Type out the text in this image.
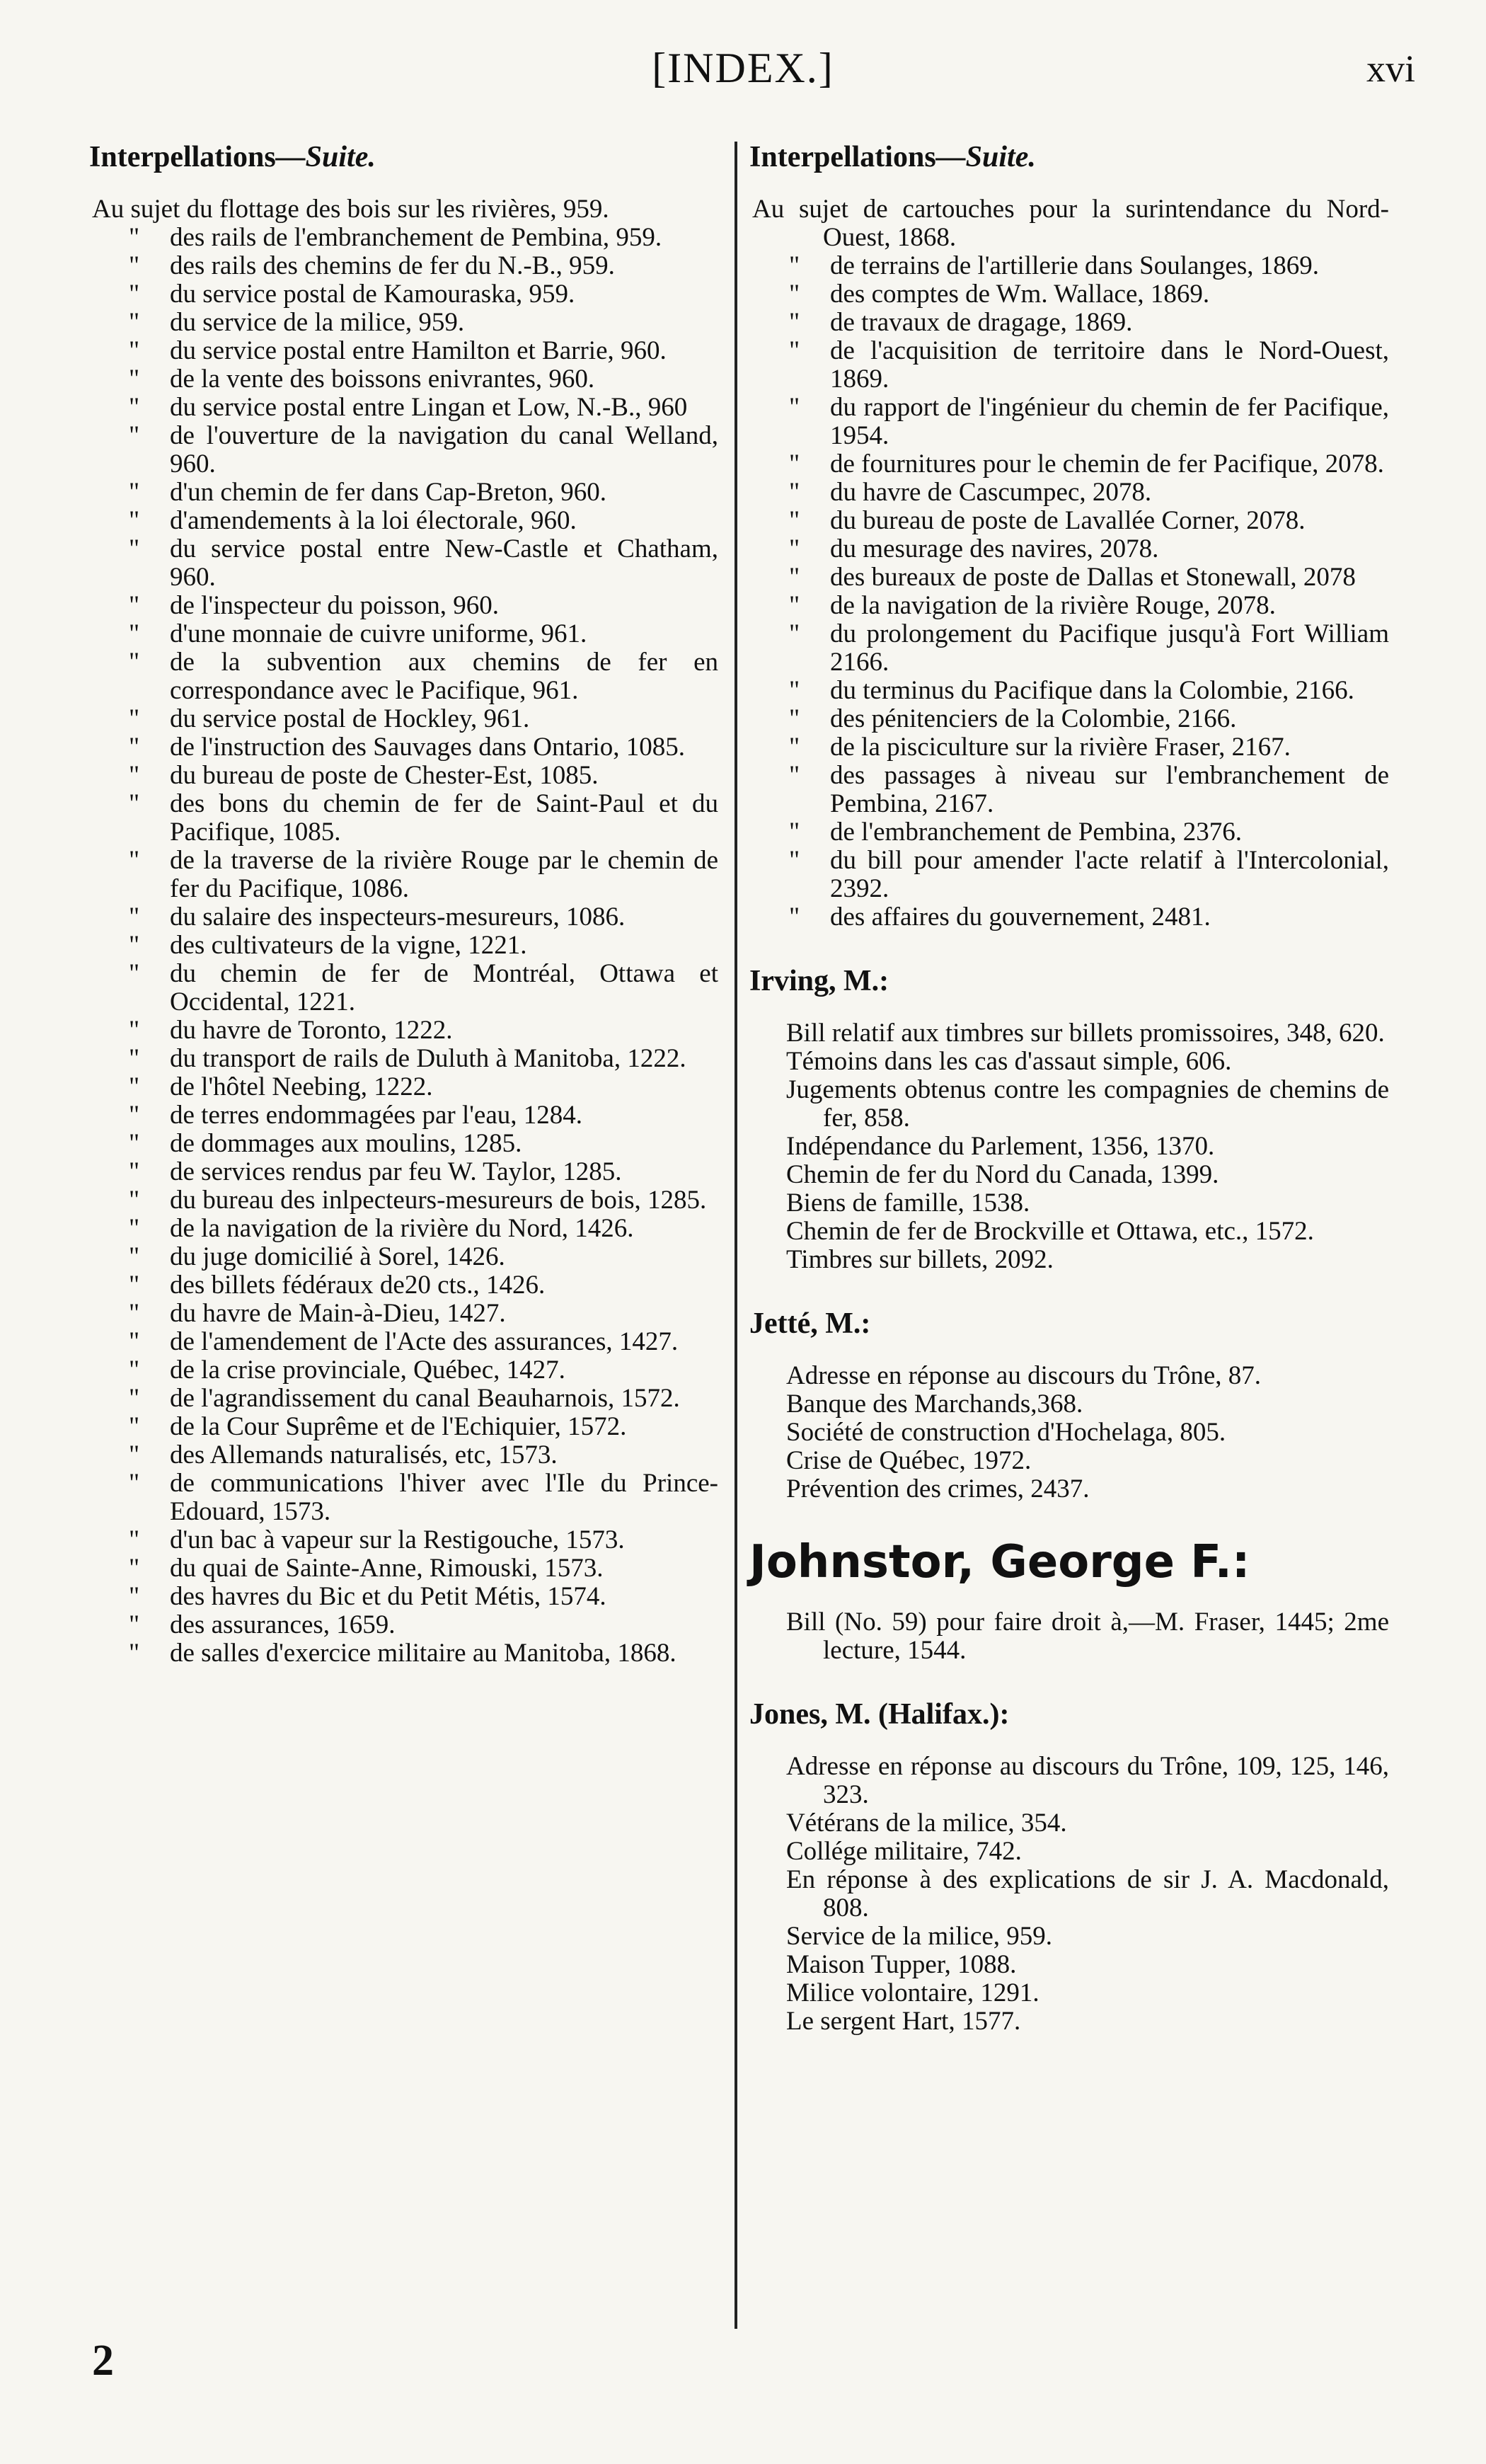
[INDEX.]	xvi
Interpellations—Suite.
Au sujet du flottage des bois sur les rivières, 959.
" des rails de l'embranchement de Pembina, 959.
" des rails des chemins de fer du N.-B., 959.
" du service postal de Kamouraska, 959.
" du service de la milice, 959.
" du service postal entre Hamilton et Barrie, 960.
" de la vente des boissons enivrantes, 960.
" du service postal entre Lingan et Low, N.-B., 960
" de l'ouverture de la navigation du canal Welland, 960.
" d'un chemin de fer dans Cap-Breton, 960.
" d'amendements à la loi électorale, 960.
" du service postal entre New-Castle et Chatham, 960.
" de l'inspecteur du poisson, 960.
" d'une monnaie de cuivre uniforme, 961.
" de la subvention aux chemins de fer en correspondance avec le Pacifique, 961.
" du service postal de Hockley, 961.
" de l'instruction des Sauvages dans Ontario, 1085.
" du bureau de poste de Chester-Est, 1085.
" des bons du chemin de fer de Saint-Paul et du Pacifique, 1085.
" de la traverse de la rivière Rouge par le chemin de fer du Pacifique, 1086.
" du salaire des inspecteurs-mesureurs, 1086.
" des cultivateurs de la vigne, 1221.
" du chemin de fer de Montréal, Ottawa et Occidental, 1221.
" du havre de Toronto, 1222.
" du transport de rails de Duluth à Manitoba, 1222.
" de l'hôtel Neebing, 1222.
" de terres endommagées par l'eau, 1284.
" de dommages aux moulins, 1285.
" de services rendus par feu W. Taylor, 1285.
" du bureau des inlpecteurs-mesureurs de bois, 1285.
" de la navigation de la rivière du Nord, 1426.
" du juge domicilié à Sorel, 1426.
" des billets fédéraux de20 cts., 1426.
" du havre de Main-à-Dieu, 1427.
" de l'amendement de l'Acte des assurances, 1427.
" de la crise provinciale, Québec, 1427.
" de l'agrandissement du canal Beauharnois, 1572.
" de la Cour Suprême et de l'Echiquier, 1572.
" des Allemands naturalisés, etc, 1573.
" de communications l'hiver avec l'Ile du Prince-Edouard, 1573.
" d'un bac à vapeur sur la Restigouche, 1573.
" du quai de Sainte-Anne, Rimouski, 1573.
" des havres du Bic et du Petit Métis, 1574.
" des assurances, 1659.
" de salles d'exercice militaire au Manitoba, 1868.
Interpellations—Suite.
Au sujet de cartouches pour la surintendance du Nord-Ouest, 1868.
" de terrains de l'artillerie dans Soulanges, 1869.
" des comptes de Wm. Wallace, 1869.
" de travaux de dragage, 1869.
" de l'acquisition de territoire dans le Nord-Ouest, 1869.
" du rapport de l'ingénieur du chemin de fer Pacifique, 1954.
" de fournitures pour le chemin de fer Pacifique, 2078.
" du havre de Cascumpec, 2078.
" du bureau de poste de Lavallée Corner, 2078.
" du mesurage des navires, 2078.
" des bureaux de poste de Dallas et Stonewall, 2078
" de la navigation de la rivière Rouge, 2078.
" du prolongement du Pacifique jusqu'à Fort William 2166.
" du terminus du Pacifique dans la Colombie, 2166.
" des pénitenciers de la Colombie, 2166.
" de la pisciculture sur la rivière Fraser, 2167.
" des passages à niveau sur l'embranchement de Pembina, 2167.
" de l'embranchement de Pembina, 2376.
" du bill pour amender l'acte relatif à l'Intercolonial, 2392.
" des affaires du gouvernement, 2481.
Irving, M.:
Bill relatif aux timbres sur billets promissoires, 348, 620.
Témoins dans les cas d'assaut simple, 606.
Jugements obtenus contre les compagnies de chemins de fer, 858.
Indépendance du Parlement, 1356, 1370.
Chemin de fer du Nord du Canada, 1399.
Biens de famille, 1538.
Chemin de fer de Brockville et Ottawa, etc., 1572.
Timbres sur billets, 2092.
Jetté, M.:
Adresse en réponse au discours du Trône, 87.
Banque des Marchands,368.
Société de construction d'Hochelaga, 805.
Crise de Québec, 1972.
Prévention des crimes, 2437.
Johnstor, George F.:
Bill (No. 59) pour faire droit à,—M. Fraser, 1445; 2me lecture, 1544.
Jones, M. (Halifax.):
Adresse en réponse au discours du Trône, 109, 125, 146, 323.
Vétérans de la milice, 354.
Collége militaire, 742.
En réponse à des explications de sir J. A. Macdonald, 808.
Service de la milice, 959.
Maison Tupper, 1088.
Milice volontaire, 1291.
Le sergent Hart, 1577.
2
